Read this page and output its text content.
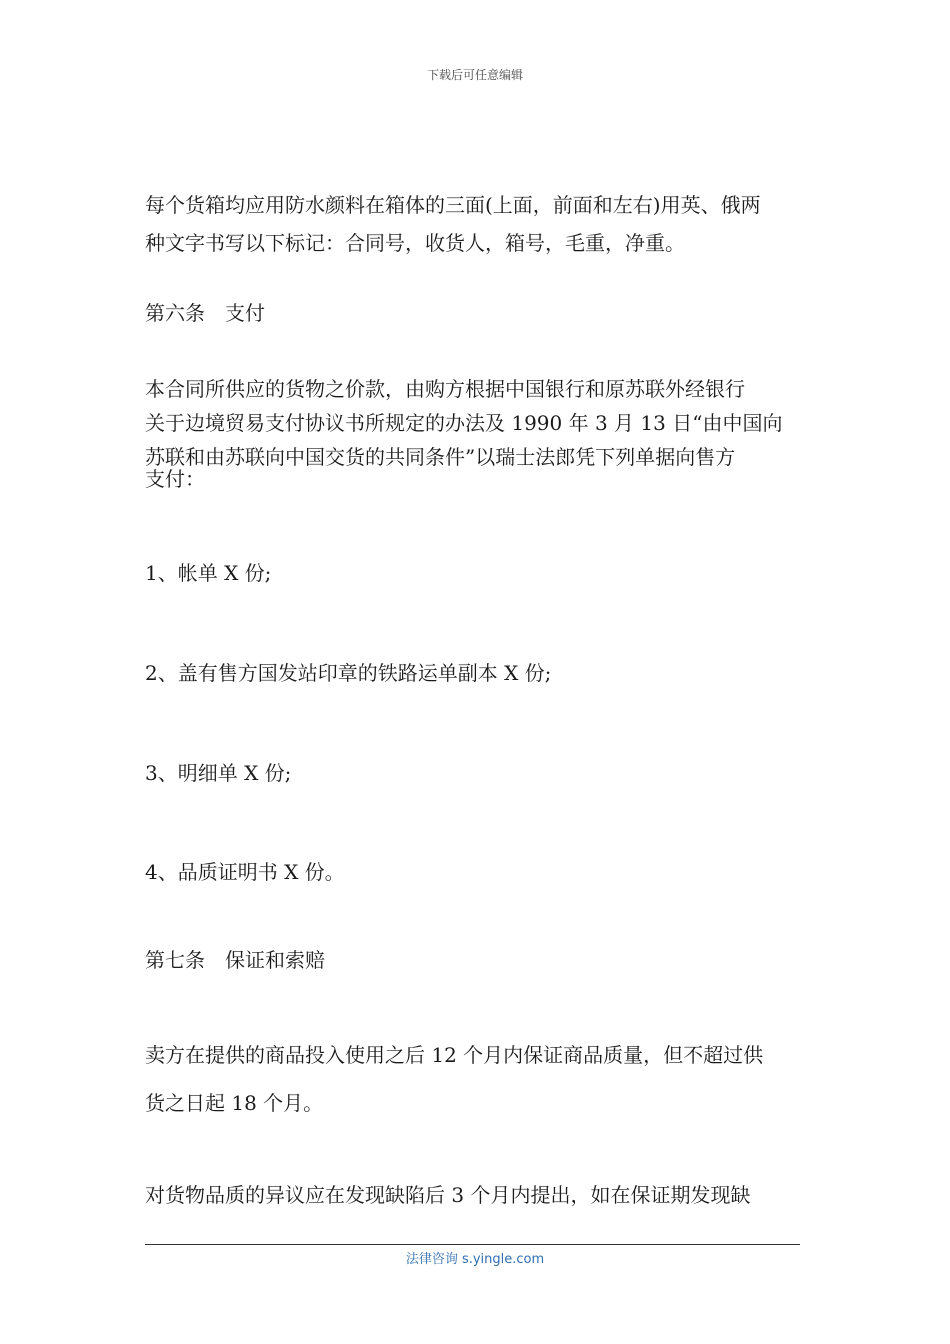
下载后可任意编辑

每个货箱均应用防水颜料在箱体的三面(上面，前面和左右)用英、俄两
种文字书写以下标记：合同号，收货人，箱号，毛重，净重。

第六条　支付

本合同所供应的货物之价款，由购方根据中国银行和原苏联外经银行
关于边境贸易支付协议书所规定的办法及 1990 年 3 月 13 日“由中国向
苏联和由苏联向中国交货的共同条件”以瑞士法郎凭下列单据向售方
支付：

1、帐单 X 份;

2、盖有售方国发站印章的铁路运单副本 X 份;

3、明细单 X 份;

4、品质证明书 X 份。

第七条　保证和索赔

卖方在提供的商品投入使用之后 12 个月内保证商品质量，但不超过供
货之日起 18 个月。

对货物品质的异议应在发现缺陷后 3 个月内提出，如在保证期发现缺

法律咨询 s.yingle.com
